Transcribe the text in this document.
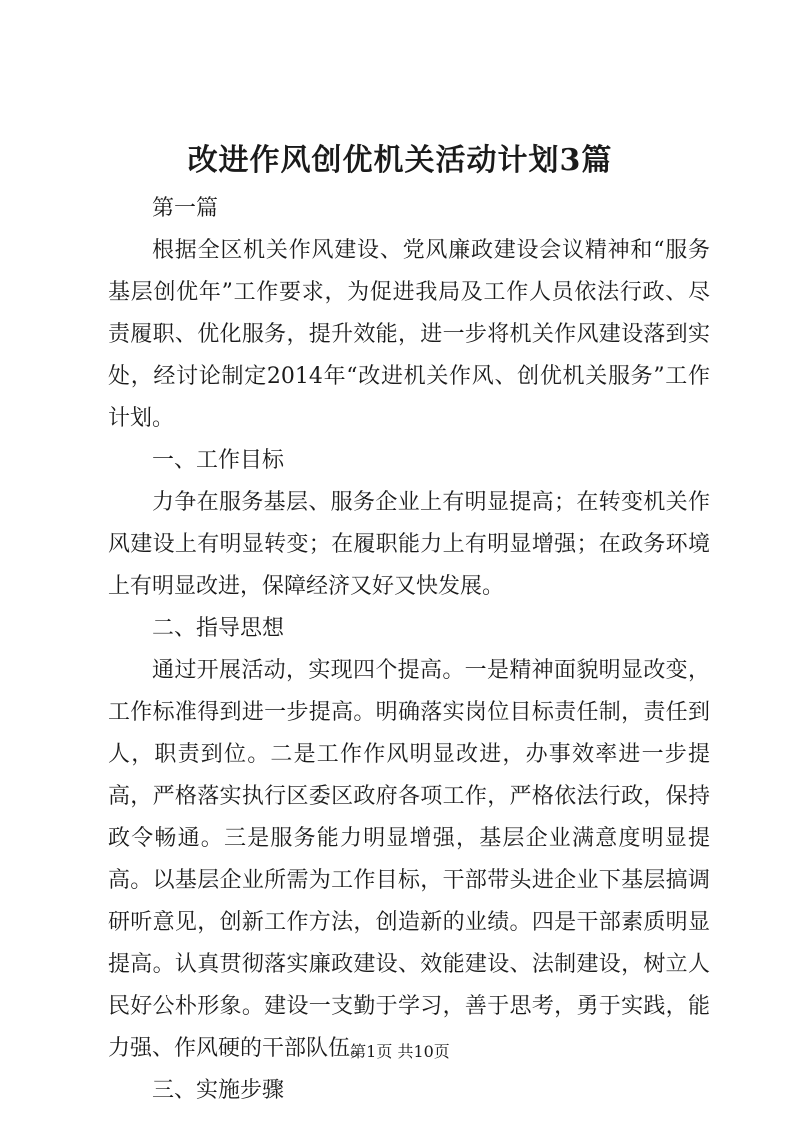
改进作风创优机关活动计划3篇

第一篇

根据全区机关作风建设、党风廉政建设会议精神和“服务基层创优年”工作要求，为促进我局及工作人员依法行政、尽责履职、优化服务，提升效能，进一步将机关作风建设落到实处，经讨论制定2014年“改进机关作风、创优机关服务”工作计划。

一、工作目标

力争在服务基层、服务企业上有明显提高；在转变机关作风建设上有明显转变；在履职能力上有明显增强；在政务环境上有明显改进，保障经济又好又快发展。

二、指导思想

通过开展活动，实现四个提高。一是精神面貌明显改变，工作标准得到进一步提高。明确落实岗位目标责任制，责任到人，职责到位。二是工作作风明显改进，办事效率进一步提高，严格落实执行区委区政府各项工作，严格依法行政，保持政令畅通。三是服务能力明显增强，基层企业满意度明显提高。以基层企业所需为工作目标，干部带头进企业下基层搞调研听意见，创新工作方法，创造新的业绩。四是干部素质明显提高。认真贯彻落实廉政建设、效能建设、法制建设，树立人民好公朴形象。建设一支勤于学习，善于思考，勇于实践，能力强、作风硬的干部队伍。

三、实施步骤

第1页 共10页
